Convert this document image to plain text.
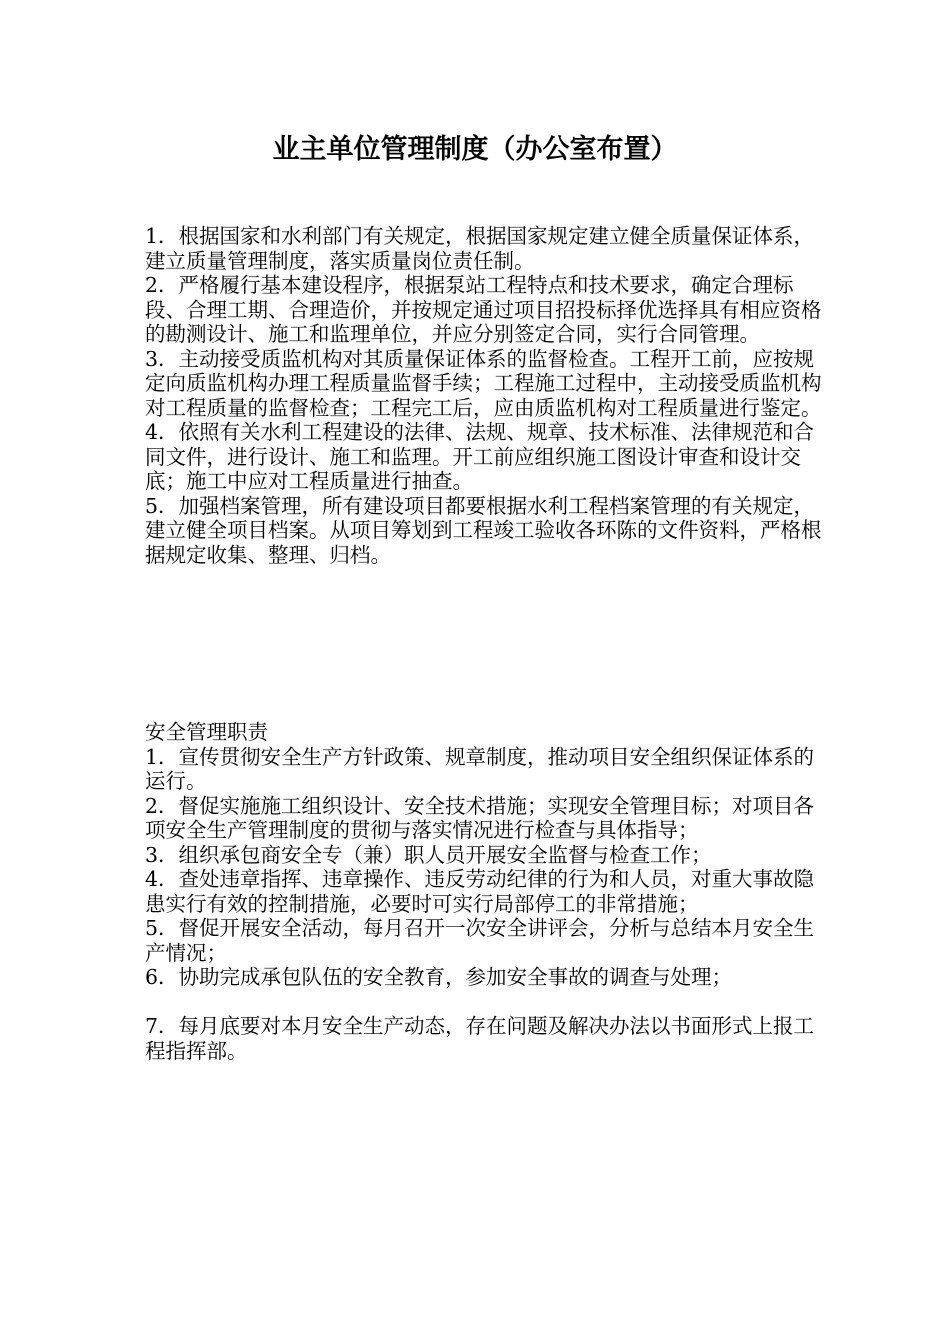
业主单位管理制度（办公室布置）

1．根据国家和水利部门有关规定，根据国家规定建立健全质量保证体系，建立质量管理制度，落实质量岗位责任制。

2．严格履行基本建设程序，根据泵站工程特点和技术要求，确定合理标段、合理工期、合理造价，并按规定通过项目招投标择优选择具有相应资格的勘测设计、施工和监理单位，并应分别签定合同，实行合同管理。

3．主动接受质监机构对其质量保证体系的监督检查。工程开工前，应按规定向质监机构办理工程质量监督手续；工程施工过程中，主动接受质监机构对工程质量的监督检查；工程完工后，应由质监机构对工程质量进行鉴定。

4．依照有关水利工程建设的法律、法规、规章、技术标准、法律规范和合同文件，进行设计、施工和监理。开工前应组织施工图设计审查和设计交底；施工中应对工程质量进行抽查。

5．加强档案管理，所有建设项目都要根据水利工程档案管理的有关规定，建立健全项目档案。从项目筹划到工程竣工验收各环陈的文件资料，严格根据规定收集、整理、归档。

安全管理职责

1．宣传贯彻安全生产方针政策、规章制度，推动项目安全组织保证体系的运行。

2．督促实施施工组织设计、安全技术措施；实现安全管理目标；对项目各项安全生产管理制度的贯彻与落实情况进行检查与具体指导；

3．组织承包商安全专（兼）职人员开展安全监督与检查工作；

4．查处违章指挥、违章操作、违反劳动纪律的行为和人员，对重大事故隐患实行有效的控制措施，必要时可实行局部停工的非常措施；

5．督促开展安全活动，每月召开一次安全讲评会，分析与总结本月安全生产情况；

6．协助完成承包队伍的安全教育，参加安全事故的调查与处理；

7．每月底要对本月安全生产动态，存在问题及解决办法以书面形式上报工程指挥部。
